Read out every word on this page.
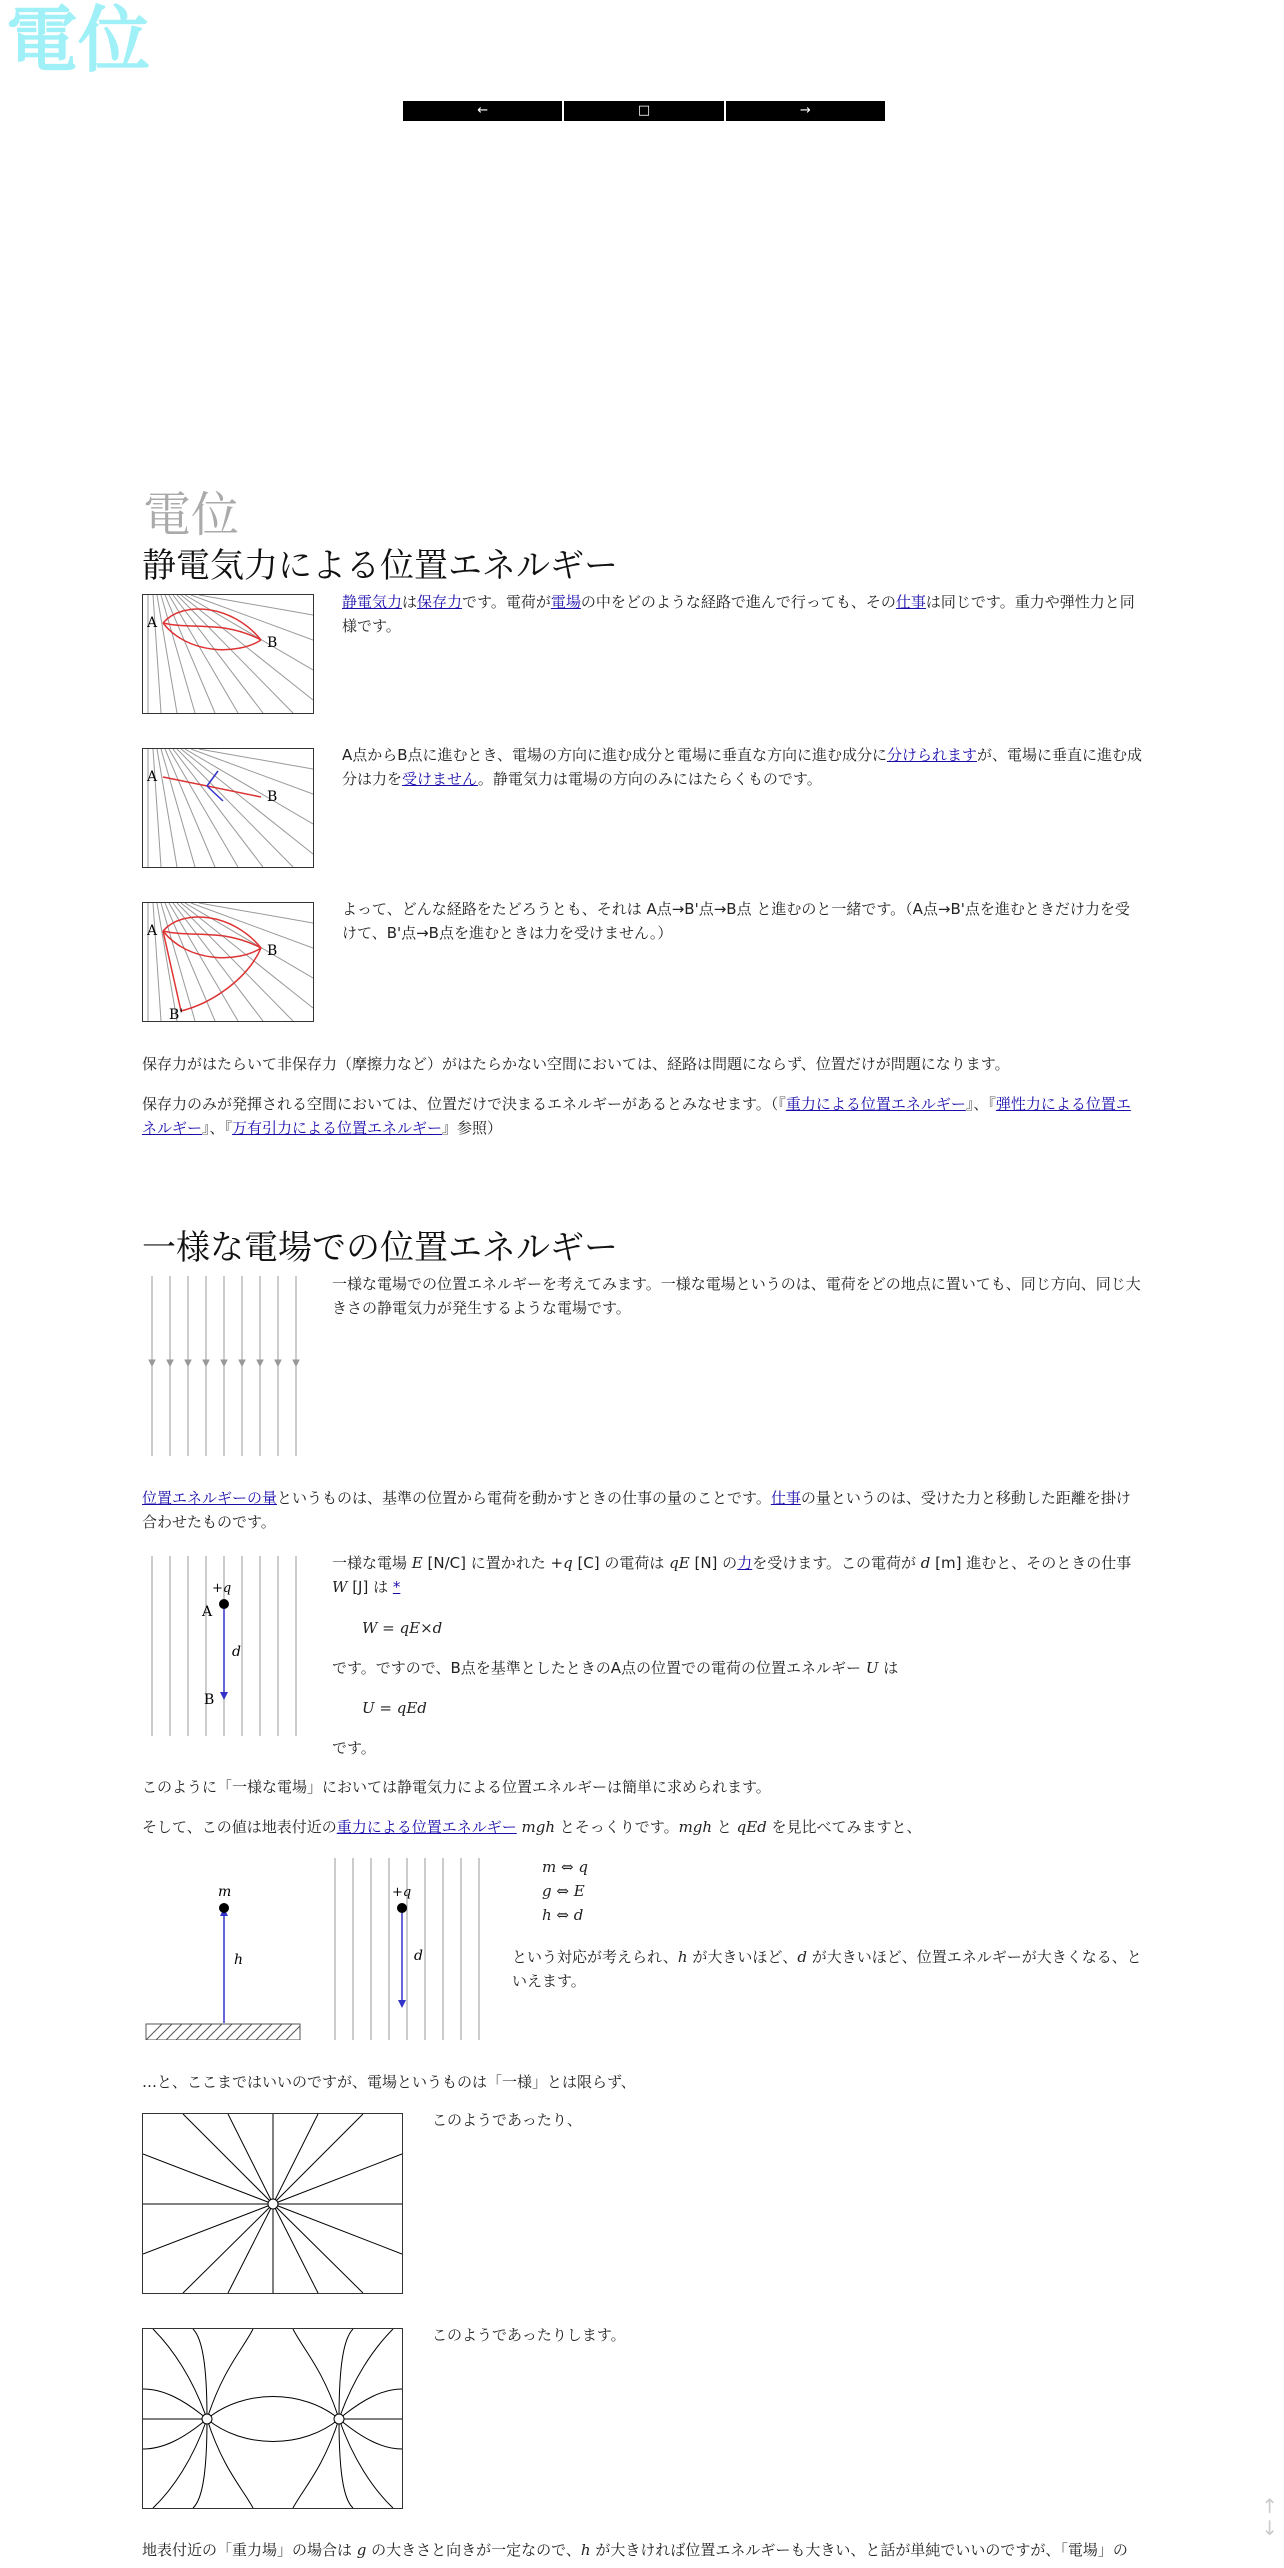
電位
←	□	→
電位
静電気力による位置エネルギー
A
B

静電気力は保存力です。電荷が電場の中をどのような経路で進んで行っても、その仕事は同じです。重力や弾性力と同様です。

A
B

A点からB点に進むとき、電場の方向に進む成分と電場に垂直な方向に進む成分に分けられますが、電場に垂直に進む成分は力を受けません。静電気力は電場の方向のみにはたらくものです。

A
B
B'

よって、どんな経路をたどろうとも、それは A点→B'点→B点 と進むのと一緒です。（A点→B'点を進むときだけ力を受けて、B'点→B点を進むときは力を受けません。）

保存力がはたらいて非保存力（摩擦力など）がはたらかない空間においては、経路は問題にならず、位置だけが問題になります。

保存力のみが発揮される空間においては、位置だけで決まるエネルギーがあるとみなせます。（『重力による位置エネルギー』、『弾性力による位置エネルギー』、『万有引力による位置エネルギー』参照）

一様な電場での位置エネルギー

一様な電場での位置エネルギーを考えてみます。一様な電場というのは、電荷をどの地点に置いても、同じ方向、同じ大きさの静電気力が発生するような電場です。

位置エネルギーの量というものは、基準の位置から電荷を動かすときの仕事の量のことです。仕事の量というのは、受けた力と移動した距離を掛け合わせたものです。

+q
A
d
B

一様な電場 E [N/C] に置かれた +q [C] の電荷は qE [N] の力を受けます。この電荷が d [m] 進むと、そのときの仕事 W [J] は *

W = qE×d

です。ですので、B点を基準としたときのA点の位置での電荷の位置エネルギー U は

U = qEd

です。

このように「一様な電場」においては静電気力による位置エネルギーは簡単に求められます。

そして、この値は地表付近の重力による位置エネルギー mgh とそっくりです。mgh と qEd を見比べてみますと、

m
h
+q
d
m ⇔ q
g ⇔ E
h ⇔ d

という対応が考えられ、h が大きいほど、d が大きいほど、位置エネルギーが大きくなる、といえます。

…と、ここまではいいのですが、電場というものは「一様」とは限らず、

このようであったり、

このようであったりします。

地表付近の「重力場」の場合は g の大きさと向きが一定なので、h が大きければ位置エネルギーも大きい、と話が単純でいいのですが、「電場」の

↑
↓
